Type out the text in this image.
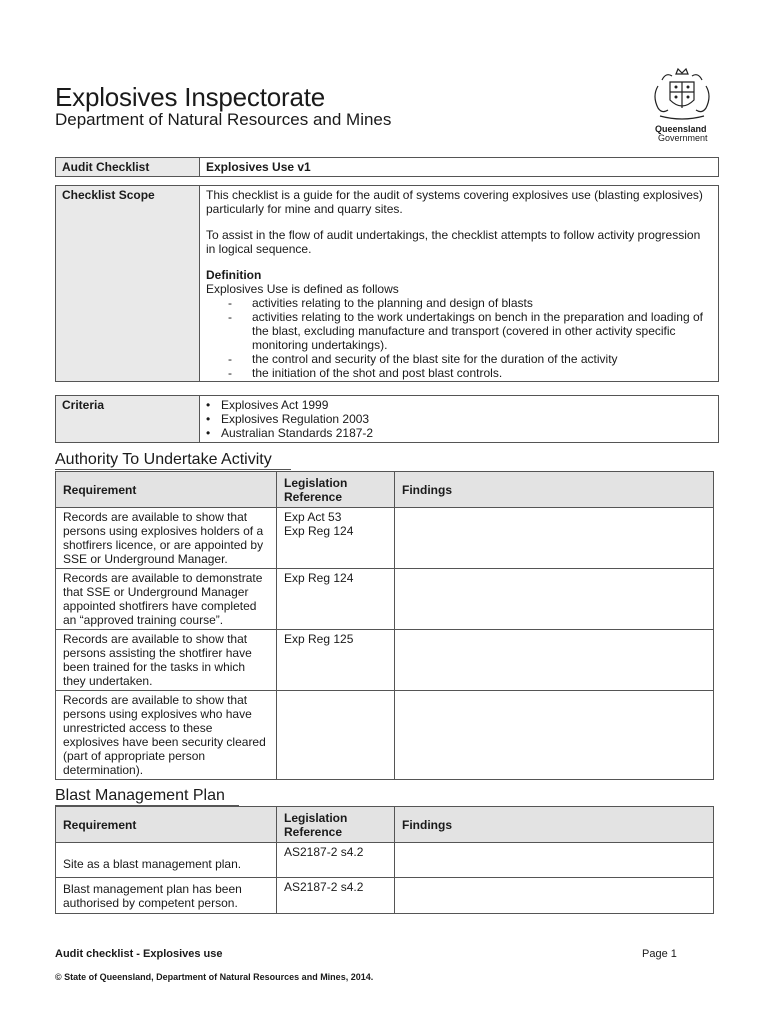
Explosives Inspectorate
Department of Natural Resources and Mines	Queensland
Government
Audit Checklist	Explosives Use v1
Checklist Scope	This checklist is a guide for the audit of systems covering explosives use (blasting explosives) particularly for mine and quarry sites.
To assist in the flow of audit undertakings, the checklist attempts to follow activity progression in logical sequence.
Definition
Explosives Use is defined as follows
- activities relating to the planning and design of blasts
- activities relating to the work undertakings on bench in the preparation and loading of the blast, excluding manufacture and transport (covered in other activity specific monitoring undertakings).
- the control and security of the blast site for the duration of the activity
- the initiation of the shot and post blast controls.
Criteria	
•Explosives Act 1999
• Explosives Regulation 2003
• Australian Standards 2187-2
Authority To Undertake Activity
Requirement	Legislation Reference	Findings
Records are available to show that persons using explosives holders of a shotfirers licence, or are appointed by SSE or Underground Manager.	Exp Act 53
Exp Reg 124	
Records are available to demonstrate that SSE or Underground Manager appointed shotfirers have completed an “approved training course”.	Exp Reg 124	
Records are available to show that persons assisting the shotfirer have been trained for the tasks in which they undertaken.	Exp Reg 125	
Records are available to show that persons using explosives who have unrestricted access to these explosives have been security cleared (part of appropriate person determination).		
Blast Management Plan
Requirement	Legislation Reference	Findings
Site as a blast management plan.	AS2187-2 s4.2	
Blast management plan has been authorised by competent person.	AS2187-2 s4.2	
Audit checklist - Explosives use	Page 1
© State of Queensland, Department of Natural Resources and Mines, 2014.
